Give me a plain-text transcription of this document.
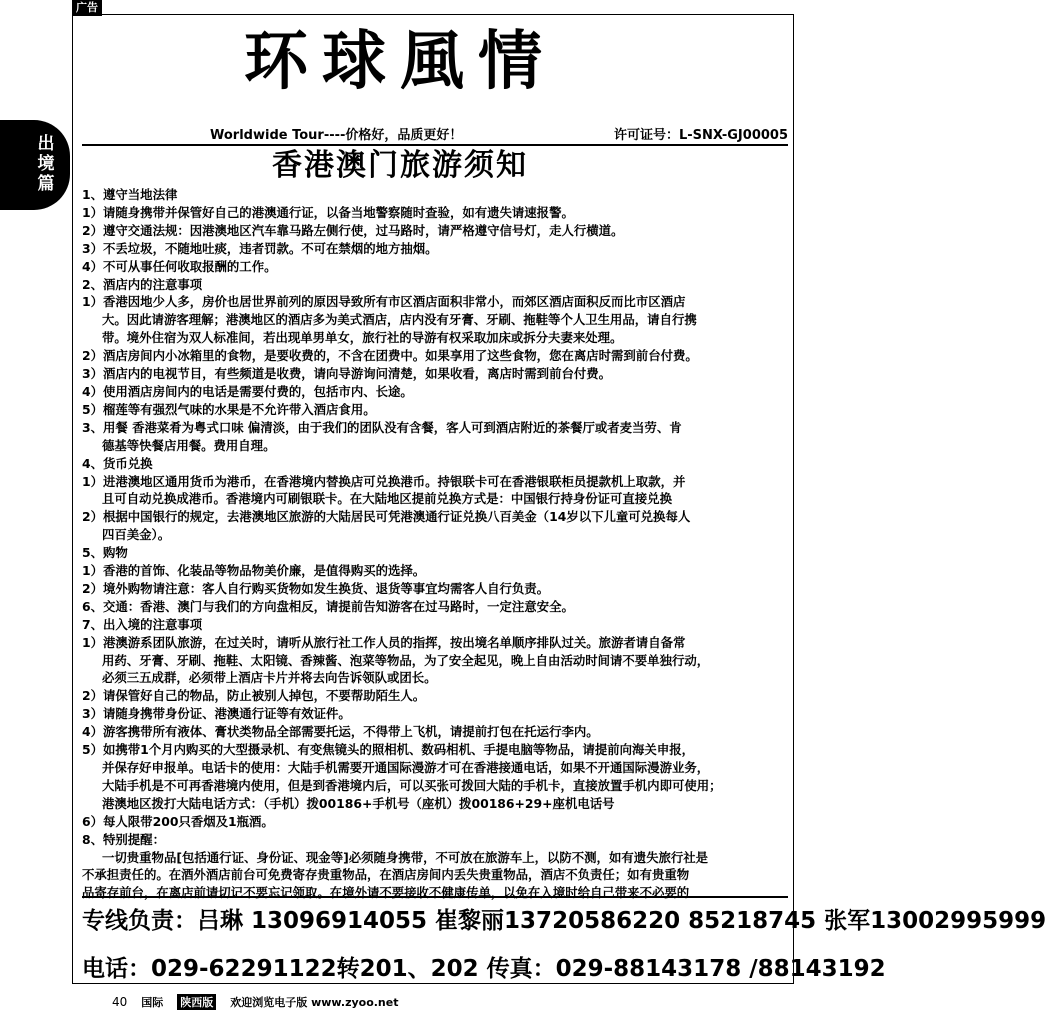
广告
出境篇
环球風情
Worldwide Tour----价格好，品质更好！	许可证号：L-SNX-GJ00005
香港澳门旅游须知
1、遵守当地法律
1）请随身携带并保管好自己的港澳通行证，以备当地警察随时查验，如有遗失请速报警。
2）遵守交通法规：因港澳地区汽车靠马路左侧行使，过马路时，请严格遵守信号灯，走人行横道。
3）不丢垃圾，不随地吐痰，违者罚款。不可在禁烟的地方抽烟。
4）不可从事任何收取报酬的工作。
2、酒店内的注意事项
1）香港因地少人多，房价也居世界前列的原因导致所有市区酒店面积非常小，而郊区酒店面积反而比市区酒店
大。因此请游客理解；港澳地区的酒店多为美式酒店，店内没有牙膏、牙刷、拖鞋等个人卫生用品，请自行携
带。境外住宿为双人标准间，若出现单男单女，旅行社的导游有权采取加床或拆分夫妻来处理。
2）酒店房间内小冰箱里的食物，是要收费的，不含在团费中。如果享用了这些食物，您在离店时需到前台付费。
3）酒店内的电视节目，有些频道是收费，请向导游询问清楚，如果收看，离店时需到前台付费。
4）使用酒店房间内的电话是需要付费的，包括市内、长途。
5）榴莲等有强烈气味的水果是不允许带入酒店食用。
3、用餐 香港菜肴为粤式口味 偏清淡，由于我们的团队没有含餐，客人可到酒店附近的茶餐厅或者麦当劳、肯
德基等快餐店用餐。费用自理。
4、货币兑换
1）进港澳地区通用货币为港币，在香港境内替换店可兑换港币。持银联卡可在香港银联柜员提款机上取款，并
且可自动兑换成港币。香港境内可刷银联卡。在大陆地区提前兑换方式是：中国银行持身份证可直接兑换
2）根据中国银行的规定，去港澳地区旅游的大陆居民可凭港澳通行证兑换八百美金（14岁以下儿童可兑换每人
四百美金）。
5、购物
1）香港的首饰、化装品等物品物美价廉，是值得购买的选择。
2）境外购物请注意：客人自行购买货物如发生换货、退货等事宜均需客人自行负责。
6、交通：香港、澳门与我们的方向盘相反，请提前告知游客在过马路时，一定注意安全。
7、出入境的注意事项
1）港澳游系团队旅游，在过关时，请听从旅行社工作人员的指挥，按出境名单顺序排队过关。旅游者请自备常
用药、牙膏、牙刷、拖鞋、太阳镜、香辣酱、泡菜等物品，为了安全起见，晚上自由活动时间请不要单独行动，
必须三五成群，必须带上酒店卡片并将去向告诉领队或团长。
2）请保管好自己的物品，防止被别人掉包，不要帮助陌生人。
3）请随身携带身份证、港澳通行证等有效证件。
4）游客携带所有液体、膏状类物品全部需要托运，不得带上飞机，请提前打包在托运行李内。
5）如携带1个月内购买的大型摄录机、有变焦镜头的照相机、数码相机、手提电脑等物品，请提前向海关申报，
并保存好申报单。电话卡的使用：大陆手机需要开通国际漫游才可在香港接通电话，如果不开通国际漫游业务，
大陆手机是不可再香港境内使用，但是到香港境内后，可以买张可拨回大陆的手机卡，直接放置手机内即可使用；
港澳地区拨打大陆电话方式：（手机）拨00186+手机号（座机）拨00186+29+座机电话号
6）每人限带200只香烟及1瓶酒。
8、特别提醒：
一切贵重物品[包括通行证、身份证、现金等]必须随身携带，不可放在旅游车上，以防不测，如有遗失旅行社是
不承担责任的。在酒外酒店前台可免费寄存贵重物品，在酒店房间内丢失贵重物品，酒店不负责任；如有贵重物
品寄存前台，在离店前请切记不要忘记领取。在境外请不要接收不健康传单，以免在入境时给自己带来不必要的
专线负责：吕琳 13096914055 崔黎丽13720586220 85218745 张军13002995999
电话：029-62291122转201、202 传真：029-88143178 /88143192
40 国际 陕西版 欢迎浏览电子版 www.zyoo.net
